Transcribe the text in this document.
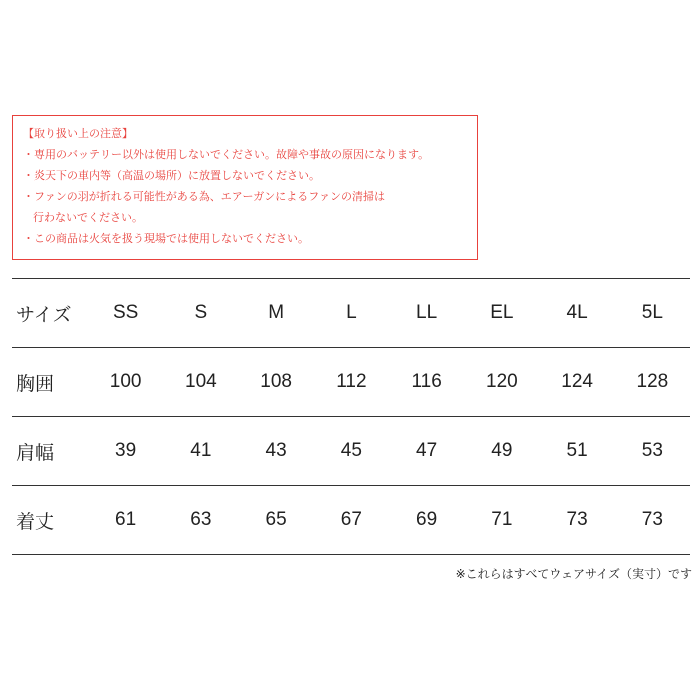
【取り扱い上の注意】
・専用のバッテリー以外は使用しないでください。故障や事故の原因になります。
・炎天下の車内等（高温の場所）に放置しないでください。
・ファンの羽が折れる可能性がある為、エアーガンによるファンの清掃は
行わないでください。
・この商品は火気を扱う現場では使用しないでください。
サイズ	SS	S	M	L	LL	EL	4L	5L
胸囲	100	104	108	112	116	120	124	128
肩幅	39	41	43	45	47	49	51	53
着丈	61	63	65	67	69	71	73	73
※これらはすべてウェアサイズ（実寸）です
